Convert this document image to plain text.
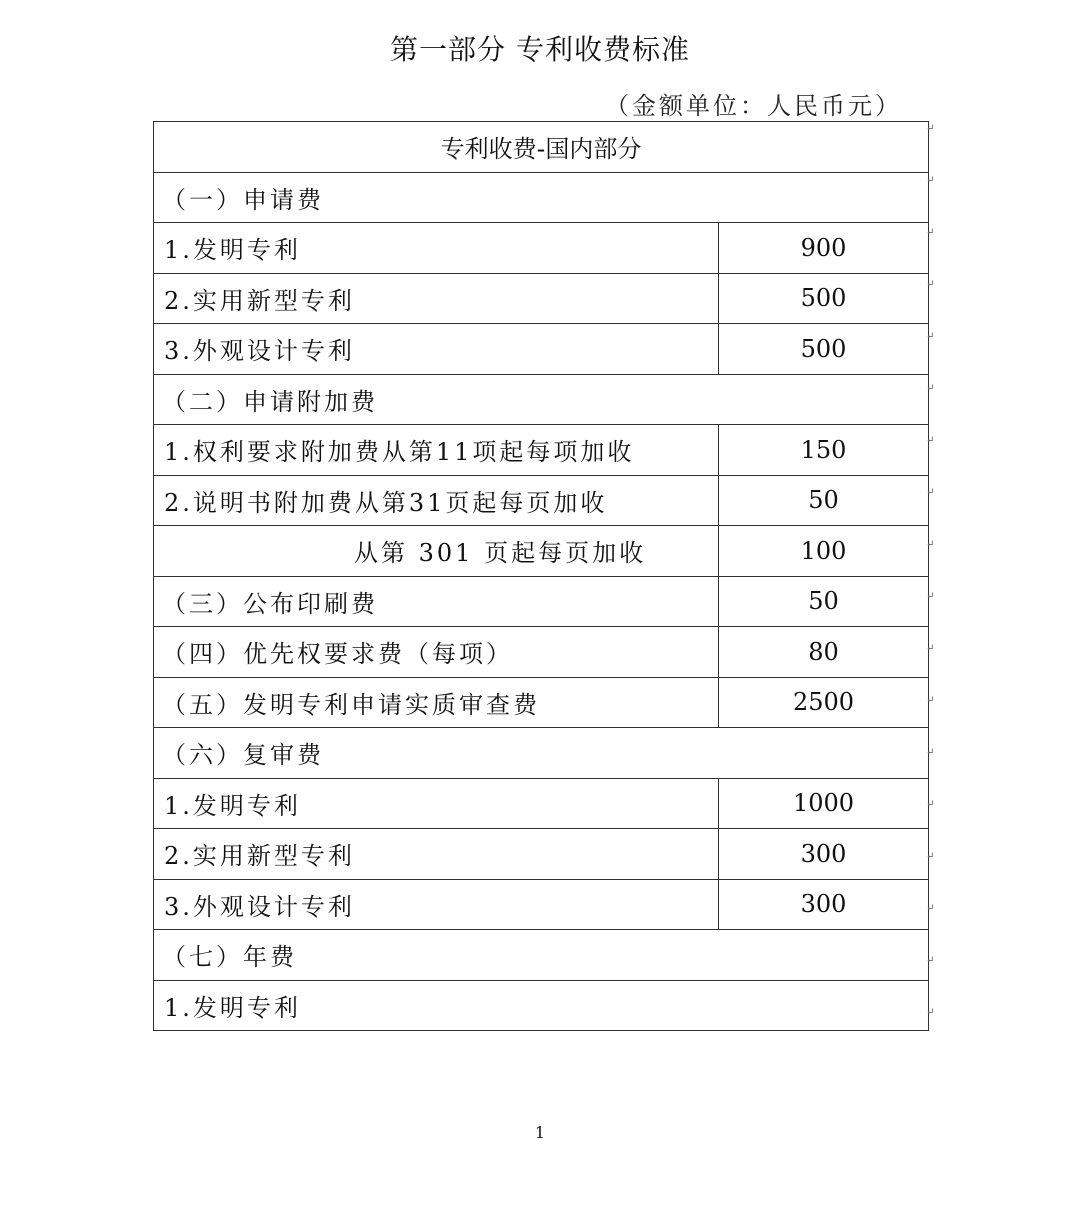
第一部分 专利收费标准
（金额单位：人民币元）
专利收费-国内部分	
（一）申请费	
1.发明专利	900
2.实用新型专利	500
3.外观设计专利	500
（二）申请附加费	
1.权利要求附加费从第11项起每项加收	150
2.说明书附加费从第31页起每页加收	50
从第 301 页起每页加收	100
（三）公布印刷费	50
（四）优先权要求费（每项）	80
（五）发明专利申请实质审查费	2500
（六）复审费	
1.发明专利	1000
2.实用新型专利	300
3.外观设计专利	300
（七）年费	
1.发明专利	
↵
↵
↵
↵
↵
↵
↵
↵
↵
↵
↵
↵
↵
↵
↵
↵
↵
↵
1
